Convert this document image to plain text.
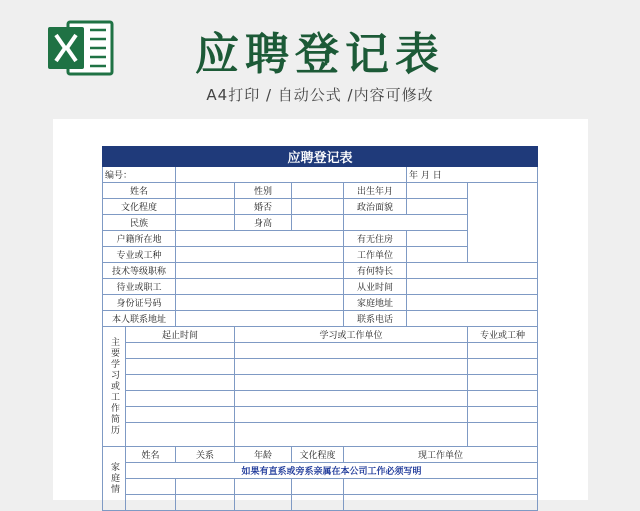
应聘登记表
A4打印 / 自动公式 /内容可修改
应聘登记表							
编号：						年 月 日	
姓名			性别		出生年月		
文化程度			婚否		政治面貌		
民族			身高				
户籍所在地					有无住房		
专业或工种					工作单位		
技术等级职称					有何特长		
待业或职工					从业时间		
身份证号码					家庭地址		
本人联系地址					联系电话		
主要学习或工作简历	起止时间		学习或工作单位				专业或工种

家庭情	姓名	关系	年龄	文化程度	现工作单位		
	如果有直系或旁系亲属在本公司工作必须写明						
